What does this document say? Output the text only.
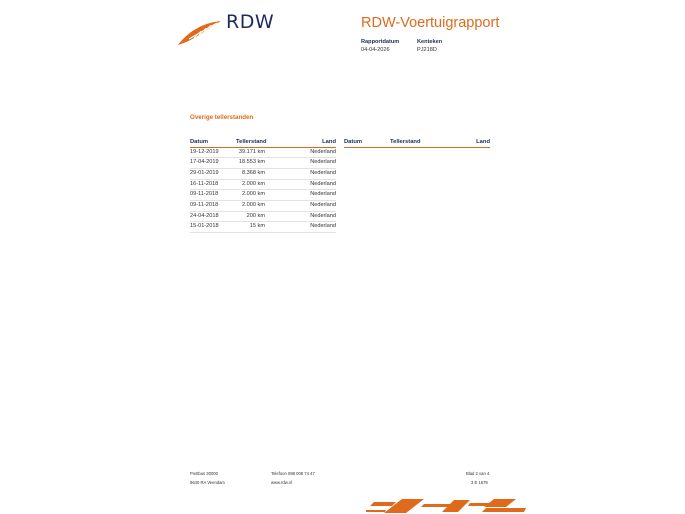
RDW	RDW-Voertuigrapport
Rapportdatum
04-04-2026
Kenteken
PJ218D
Overige tellerstanden
Datum	Tellerstand	Land
19-12-2019	39.171 km	Nederland
17-04-2019	18.553 km	Nederland
29-01-2019	8.368 km	Nederland
16-11-2018	2.000 km	Nederland
09-11-2018	2.000 km	Nederland
09-11-2018	2.000 km	Nederland
24-04-2018	200 km	Nederland
15-01-2018	15 km	Nederland
Datum	Tellerstand	Land
Postbus 30000
9640 RA Veendam
Telefoon 088 008 74 47
www.rdw.nl
Blad 2 van 4
3 E 1679
